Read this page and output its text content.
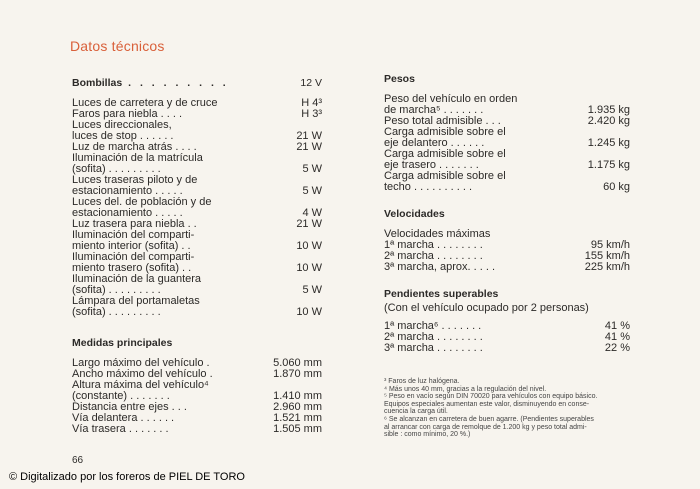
Datos técnicos
Bombillas . . . . . . . . .	12 V
Luces de carretera y de cruce	H 4³
Faros para niebla . . . .	H 3³
Luces direccionales,
luces de stop . . . . . .	21 W
Luz de marcha atrás . . . .	21 W
Iluminación de la matrícula
(sofita) . . . . . . . . .	5 W
Luces traseras piloto y de
estacionamiento . . . . .	5 W
Luces del. de población y de
estacionamiento . . . . .	4 W
Luz trasera para niebla . .	21 W
Iluminación del comparti-
miento interior (sofita) . .	10 W
Iluminación del comparti-
miento trasero (sofita) . .	10 W
Iluminación de la guantera
(sofita) . . . . . . . . .	5 W
Lámpara del portamaletas
(sofita) . . . . . . . . .	10 W
Medidas principales
Largo máximo del vehículo .	5.060 mm
Ancho máximo del vehículo .	1.870 mm
Altura máxima del vehículo⁴
(constante) . . . . . . .	1.410 mm
Distancia entre ejes . . .	2.960 mm
Vía delantera . . . . . .	1.521 mm
Vía trasera . . . . . . .	1.505 mm
Pesos
Peso del vehículo en orden
de marcha⁵ . . . . . . .	1.935 kg
Peso total admisible . . .	2.420 kg
Carga admisible sobre el
eje delantero . . . . . .	1.245 kg
Carga admisible sobre el
eje trasero . . . . . . .	1.175 kg
Carga admisible sobre el
techo . . . . . . . . . .	60 kg
Velocidades
Velocidades máximas
1ª marcha . . . . . . . .	95 km/h
2ª marcha . . . . . . . .	155 km/h
3ª marcha, aprox. . . . .	225 km/h
Pendientes superables
(Con el vehículo ocupado por 2 personas)
1ª marcha⁶ . . . . . . .	41 %
2ª marcha . . . . . . . .	41 %
3ª marcha . . . . . . . .	22 %
³ Faros de luz halógena.
⁴ Más unos 40 mm, gracias a la regulación del nivel.
⁵ Peso en vacío según DIN 70020 para vehículos con equipo básico.
Equipos especiales aumentan este valor, disminuyendo en conse-
cuencia la carga útil.
⁶ Se alcanzan en carretera de buen agarre. (Pendientes superables
al arrancar con carga de remolque de 1.200 kg y peso total admi-
sible : como mínimo, 20 %.)
66
© Digitalizado por los foreros de PIEL DE TORO
